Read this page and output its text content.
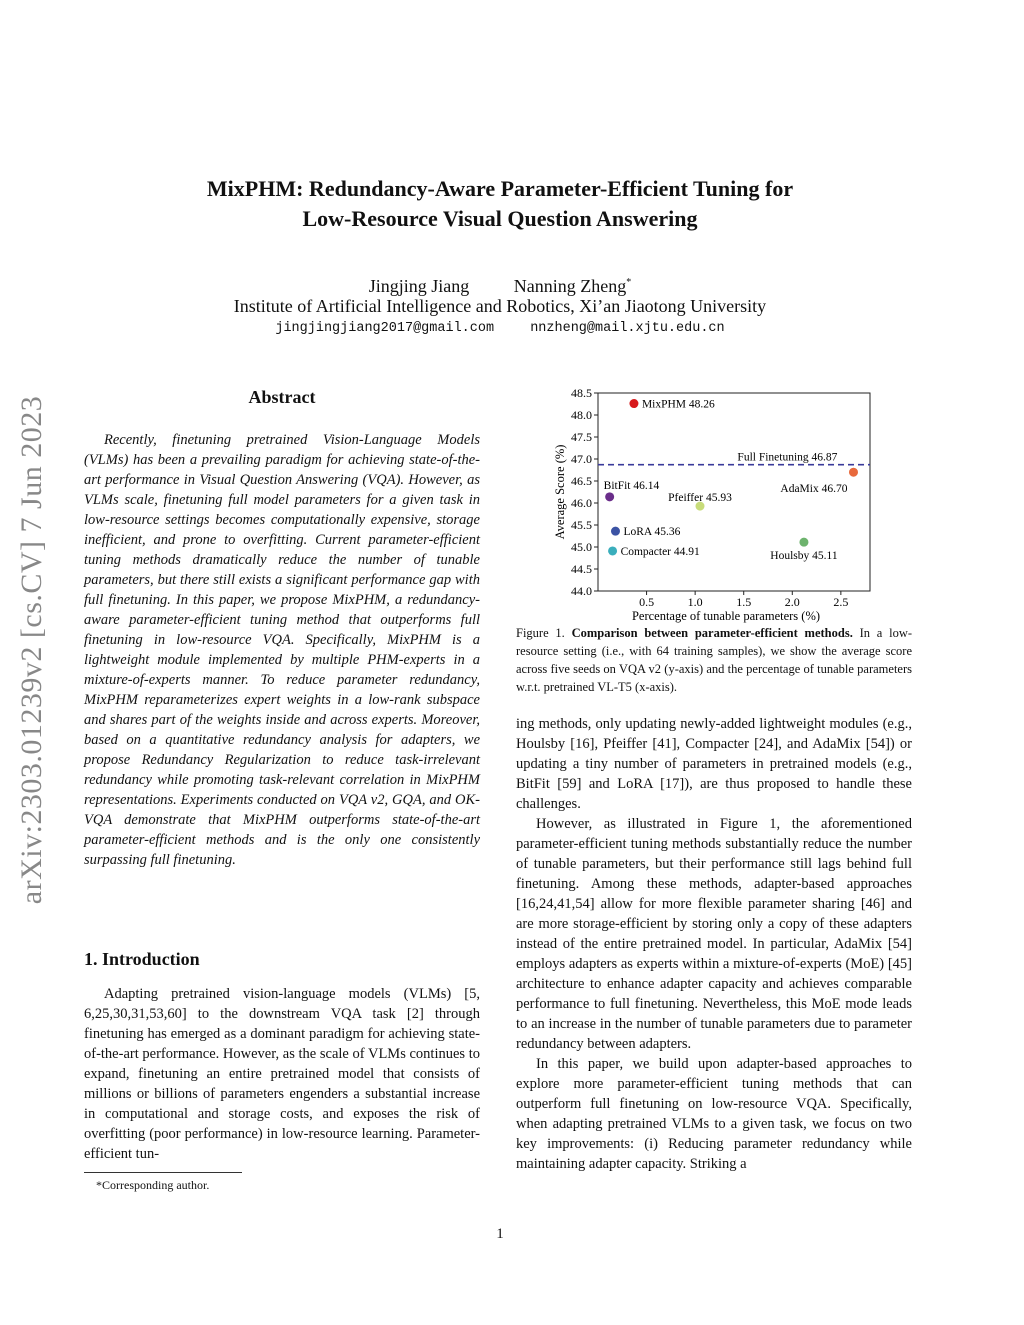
MixPHM: Redundancy-Aware Parameter-Efficient Tuning for
Low-Resource Visual Question Answering
Jingjing Jiang Nanning Zheng*
Institute of Artificial Intelligence and Robotics, Xi’an Jiaotong University
jingjingjiang2017@gmail.com	nnzheng@mail.xjtu.edu.cn
arXiv:2303.01239v2 [cs.CV] 7 Jun 2023	Abstract

Recently, finetuning pretrained Vision-Language Models (VLMs) has been a prevailing paradigm for achieving state-of-the-art performance in Visual Question Answering (VQA). However, as VLMs scale, finetuning full model parameters for a given task in low-resource settings becomes computationally expensive, storage inefficient, and prone to overfitting. Current parameter-efficient tuning methods dramatically reduce the number of tunable parameters, but there still exists a significant performance gap with full finetuning. In this paper, we propose MixPHM, a redundancy-aware parameter-efficient tuning method that outperforms full finetuning in low-resource VQA. Specifically, MixPHM is a lightweight module implemented by multiple PHM-experts in a mixture-of-experts manner. To reduce parameter redundancy, MixPHM reparameterizes expert weights in a low-rank subspace and shares part of the weights inside and across experts. Moreover, based on a quantitative redundancy analysis for adapters, we propose Redundancy Regularization to reduce task-irrelevant redundancy while promoting task-relevant correlation in MixPHM representations. Experiments conducted on VQA v2, GQA, and OK-VQA demonstrate that MixPHM outperforms state-of-the-art parameter-efficient methods and is the only one consistently surpassing full finetuning.

1. Introduction

Adapting pretrained vision-language models (VLMs) [5, 6,25,30,31,53,60] to the downstream VQA task [2] through finetuning has emerged as a dominant paradigm for achieving state-of-the-art performance. However, as the scale of VLMs continues to expand, finetuning an entire pretrained model that consists of millions or billions of parameters engenders a substantial increase in computational and storage costs, and exposes the risk of overfitting (poor performance) in low-resource learning. Parameter-efficient tun-

*Corresponding author.
0.5	1.0	1.5	2.0	2.5
44.0
44.5
45.0
45.5
46.0
46.5
47.0
47.5
48.0
48.5
Percentage of tunable parameters (%)
Average Score (%)	Full Finetuning 46.87
MixPHM 48.26
AdaMix 46.70
BitFit 46.14
Pfeiffer 45.93
LoRA 45.36
Houlsby 45.11
Compacter 44.91
Figure 1. Comparison between parameter-efficient methods. In a low-resource setting (i.e., with 64 training samples), we show the average score across five seeds on VQA v2 (y-axis) and the percentage of tunable parameters w.r.t. pretrained VL-T5 (x-axis).

ing methods, only updating newly-added lightweight modules (e.g., Houlsby [16], Pfeiffer [41], Compacter [24], and AdaMix [54]) or updating a tiny number of parameters in pretrained models (e.g., BitFit [59] and LoRA [17]), are thus proposed to handle these challenges.

However, as illustrated in Figure 1, the aforementioned parameter-efficient tuning methods substantially reduce the number of tunable parameters, but their performance still lags behind full finetuning. Among these methods, adapter-based approaches [16,24,41,54] allow for more flexible parameter sharing [46] and are more storage-efficient by storing only a copy of these adapters instead of the entire pretrained model. In particular, AdaMix [54] employs adapters as experts within a mixture-of-experts (MoE) [45] architecture to enhance adapter capacity and achieves comparable performance to full finetuning. Nevertheless, this MoE mode leads to an increase in the number of tunable parameters due to parameter redundancy between adapters.

In this paper, we build upon adapter-based approaches to explore more parameter-efficient tuning methods that can outperform full finetuning on low-resource VQA. Specifically, when adapting pretrained VLMs to a given task, we focus on two key improvements: (i) Reducing parameter redundancy while maintaining adapter capacity. Striking a

1
